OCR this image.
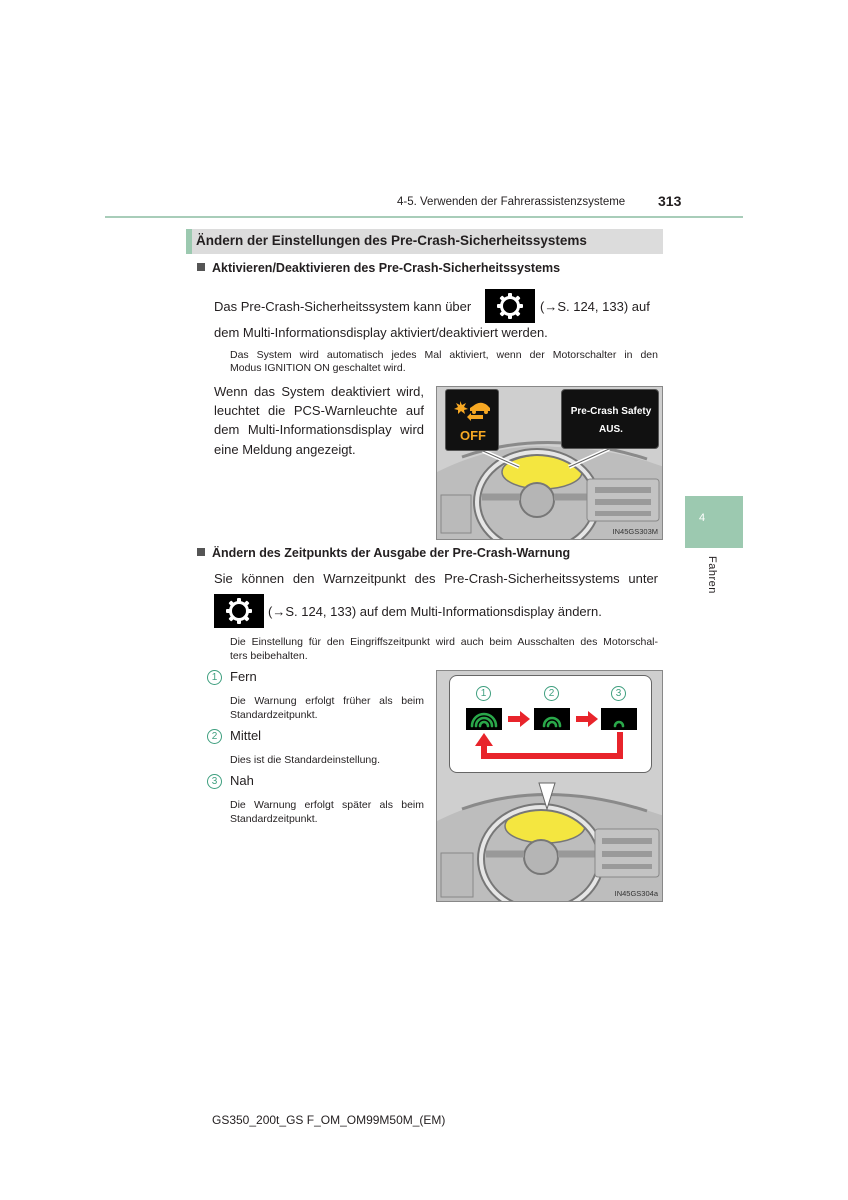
4-5. Verwenden der Fahrerassistenzsysteme 313
Ändern der Einstellungen des Pre-Crash-Sicherheitssystems
Aktivieren/Deaktivieren des Pre-Crash-Sicherheitssystems
Das Pre-Crash-Sicherheitssystem kann über	(→S. 124, 133) auf
dem Multi-Informationsdisplay aktiviert/deaktiviert werden.
Das System wird automatisch jedes Mal aktiviert, wenn der Motorschalter in den
Modus IGNITION ON geschaltet wird.
Wenn das System deaktiviert wird,
leuchtet die PCS-Warnleuchte auf
dem Multi-Informationsdisplay wird
eine Meldung angezeigt.
OFF
Pre-Crash Safety
AUS.
IN45GS303M
Ändern des Zeitpunkts der Ausgabe der Pre-Crash-Warnung
Sie können den Warnzeitpunkt des Pre-Crash-Sicherheitssystems unter
(→S. 124, 133) auf dem Multi-Informationsdisplay ändern.
Die Einstellung für den Eingriffszeitpunkt wird auch beim Ausschalten des Motorschal-
ters beibehalten.
1 Fern
Die Warnung erfolgt früher als beim
Standardzeitpunkt.
2 Mittel
Dies ist die Standardeinstellung.
3 Nah
Die Warnung erfolgt später als beim
Standardzeitpunkt.
1	2	3
IN45GS304a
4
Fahren
GS350_200t_GS F_OM_OM99M50M_(EM)
